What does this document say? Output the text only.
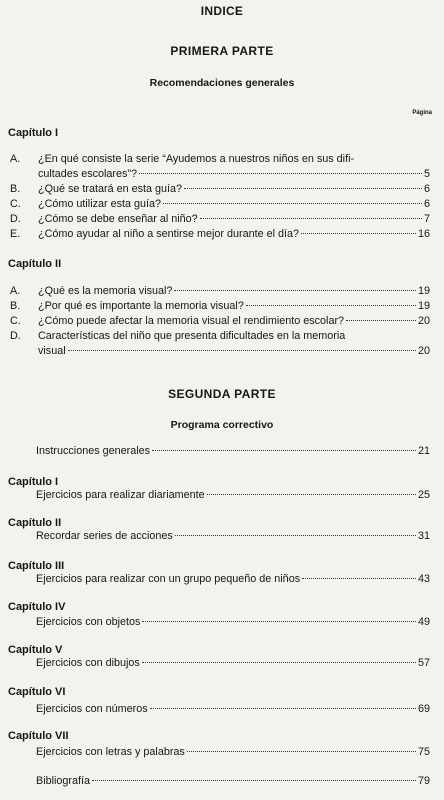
INDICE
PRIMERA PARTE
Recomendaciones generales
Página
Capítulo I
A.	¿En qué consiste la serie “Ayudemos a nuestros niños en sus difi-
cultades escolares”?	5
B.	¿Qué se tratará en esta guía?	6
C.	¿Cómo utilizar esta guía?	6
D.	¿Cómo se debe enseñar al niño?	7
E.	¿Cómo ayudar al niño a sentirse mejor durante el día?	16
Capítulo II
A.	¿Qué es la memoria visual?	19
B.	¿Por qué es importante la memoria visual?	19
C.	¿Cómo puede afectar la memoria visual el rendimiento escolar?	20
D.	Características del niño que presenta dificultades en la memoria
visual	20
SEGUNDA PARTE
Programa correctivo
Instrucciones generales	21
Capítulo I
Ejercicios para realizar diariamente	25
Capítulo II
Recordar series de acciones	31
Capítulo III
Ejercicios para realizar con un grupo pequeño de niños	43
Capítulo IV
Ejercicios con objetos	49
Capítulo V
Ejercicios con dibujos	57
Capítulo VI
Ejercicios con números	69
Capítulo VII
Ejercicios con letras y palabras	75
Bibliografía	79
